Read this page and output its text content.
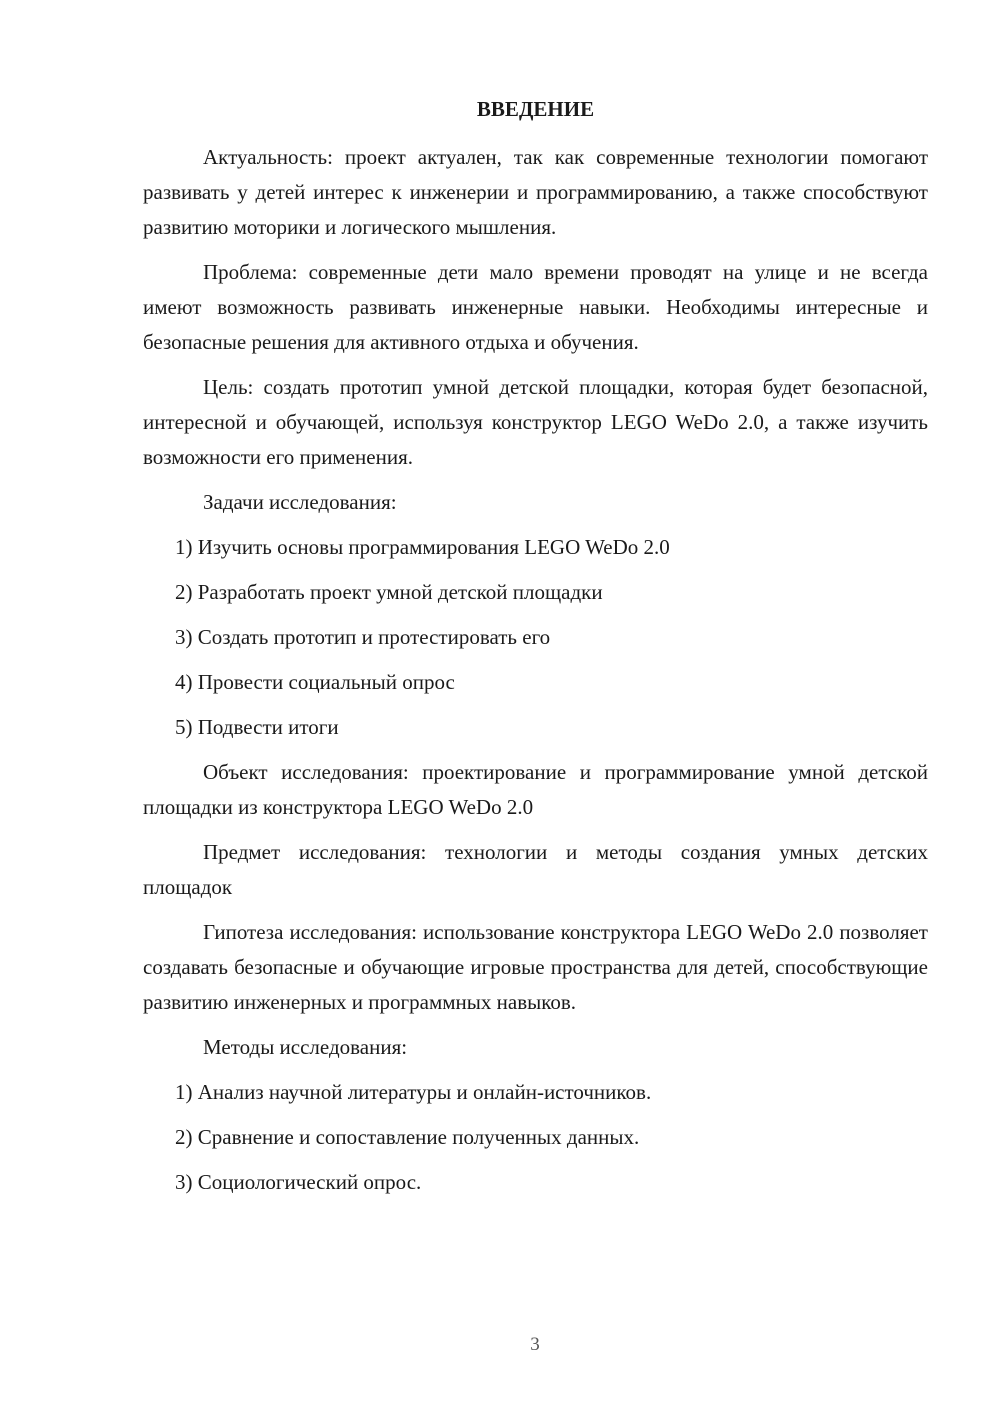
ВВЕДЕНИЕ

Актуальность: проект актуален, так как современные технологии помогают развивать у детей интерес к инженерии и программированию, а также способствуют развитию моторики и логического мышления.

Проблема: современные дети мало времени проводят на улице и не всегда имеют возможность развивать инженерные навыки. Необходимы интересные и безопасные решения для активного отдыха и обучения.

Цель: создать прототип умной детской площадки, которая будет безопасной, интересной и обучающей, используя конструктор LEGO WeDo 2.0, а также изучить возможности его применения.

Задачи исследования:

1) Изучить основы программирования LEGO WeDo 2.0
2) Разработать проект умной детской площадки
3) Создать прототип и протестировать его
4) Провести социальный опрос
5) Подвести итоги

Объект исследования: проектирование и программирование умной детской площадки из конструктора LEGO WeDo 2.0

Предмет исследования: технологии и методы создания умных детских площадок

Гипотеза исследования: использование конструктора LEGO WeDo 2.0 позволяет создавать безопасные и обучающие игровые пространства для детей, способствующие развитию инженерных и программных навыков.

Методы исследования:

1) Анализ научной литературы и онлайн-источников.
2) Сравнение и сопоставление полученных данных.
3) Социологический опрос.
3
